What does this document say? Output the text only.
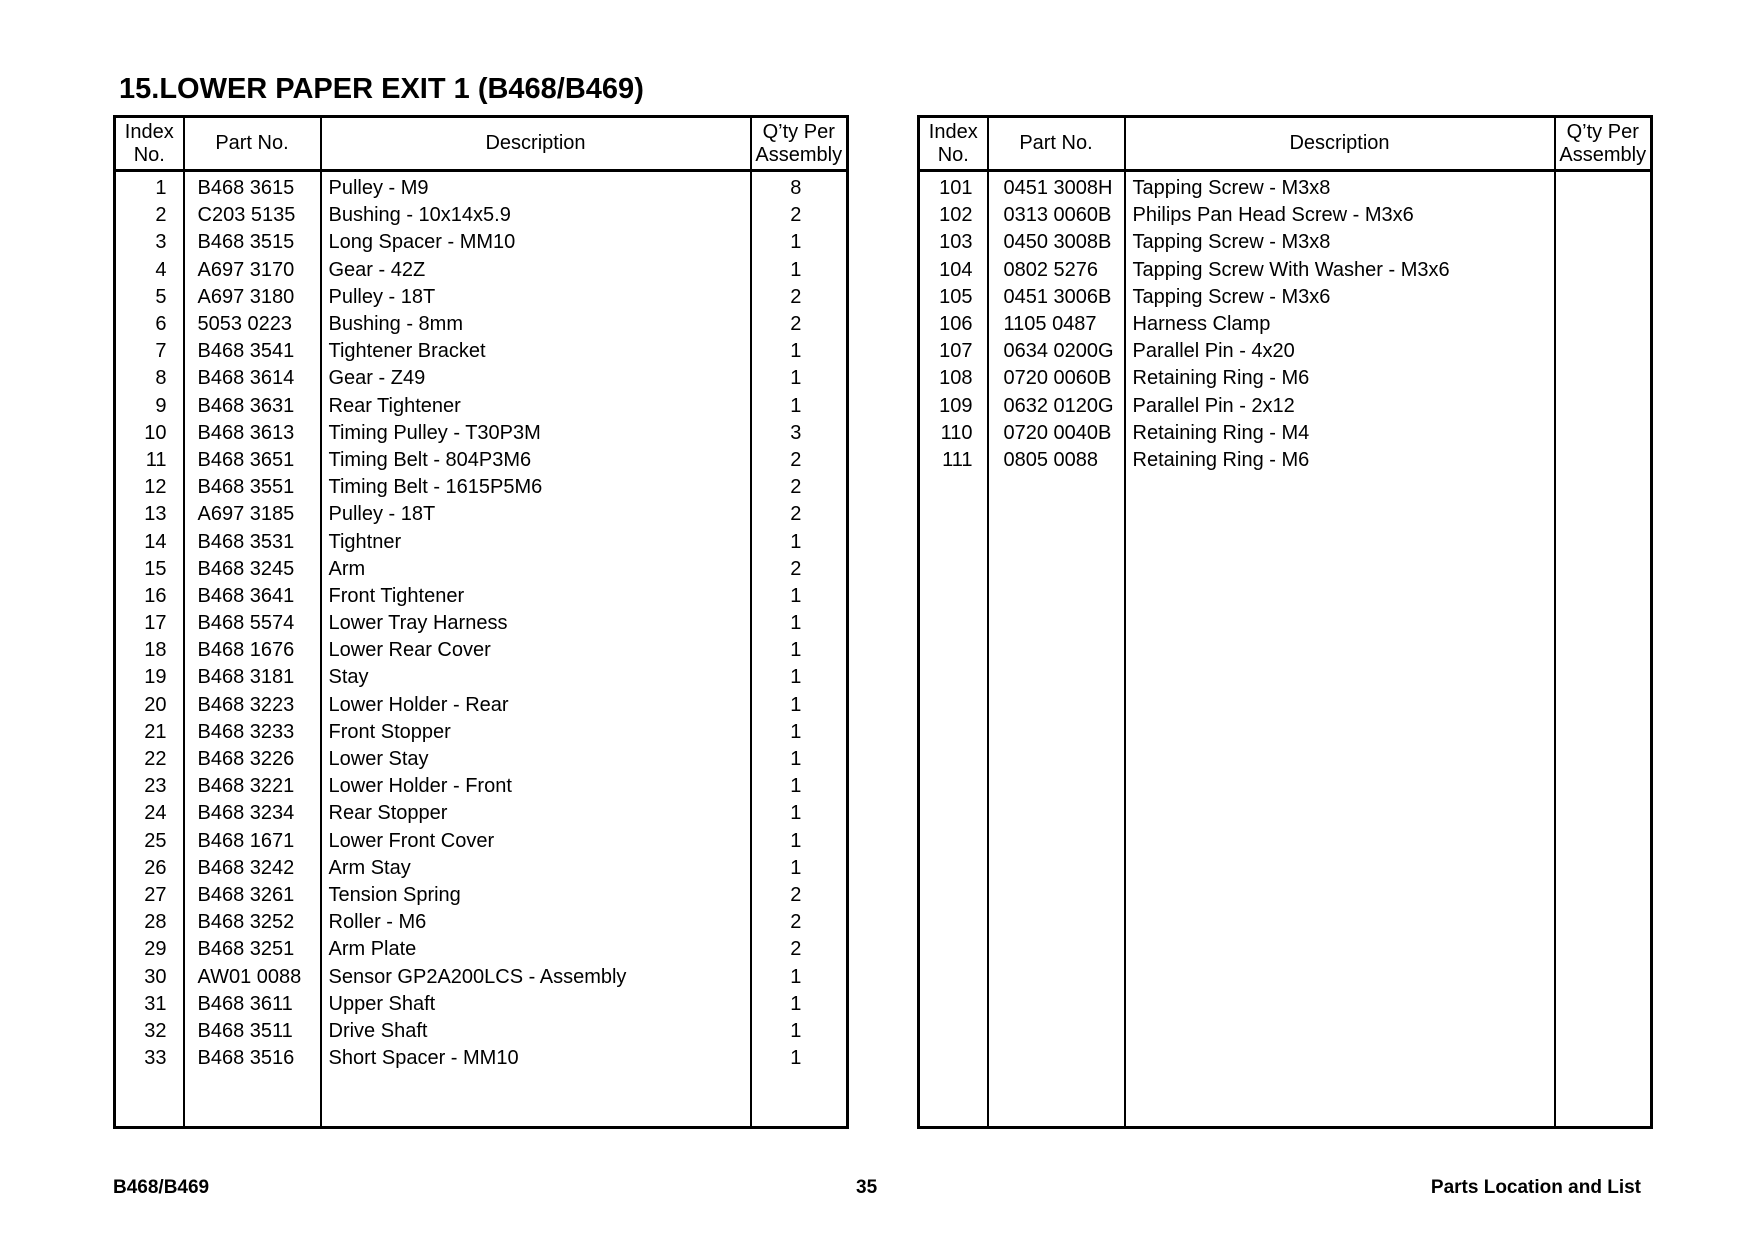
15.LOWER PAPER EXIT 1 (B468/B469)
Index
No.	Part No.	Description	Q’ty Per
Assembly
1	B468 3615	Pulley - M9	8
2	C203 5135	Bushing - 10x14x5.9	2
3	B468 3515	Long Spacer - MM10	1
4	A697 3170	Gear - 42Z	1
5	A697 3180	Pulley - 18T	2
6	5053 0223	Bushing - 8mm	2
7	B468 3541	Tightener Bracket	1
8	B468 3614	Gear - Z49	1
9	B468 3631	Rear Tightener	1
10	B468 3613	Timing Pulley - T30P3M	3
11	B468 3651	Timing Belt - 804P3M6	2
12	B468 3551	Timing Belt - 1615P5M6	2
13	A697 3185	Pulley - 18T	2
14	B468 3531	Tightner	1
15	B468 3245	Arm	2
16	B468 3641	Front Tightener	1
17	B468 5574	Lower Tray Harness	1
18	B468 1676	Lower Rear Cover	1
19	B468 3181	Stay	1
20	B468 3223	Lower Holder - Rear	1
21	B468 3233	Front Stopper	1
22	B468 3226	Lower Stay	1
23	B468 3221	Lower Holder - Front	1
24	B468 3234	Rear Stopper	1
25	B468 1671	Lower Front Cover	1
26	B468 3242	Arm Stay	1
27	B468 3261	Tension Spring	2
28	B468 3252	Roller - M6	2
29	B468 3251	Arm Plate	2
30	AW01 0088	Sensor GP2A200LCS - Assembly	1
31	B468 3611	Upper Shaft	1
32	B468 3511	Drive Shaft	1
33	B468 3516	Short Spacer - MM10	1

Index
No.	Part No.	Description	Q’ty Per
Assembly
101	0451 3008H	Tapping Screw - M3x8	
102	0313 0060B	Philips Pan Head Screw - M3x6	
103	0450 3008B	Tapping Screw - M3x8	
104	0802 5276	Tapping Screw With Washer - M3x6	
105	0451 3006B	Tapping Screw - M3x6	
106	1105 0487	Harness Clamp	
107	0634 0200G	Parallel Pin - 4x20	
108	0720 0060B	Retaining Ring - M6	
109	0632 0120G	Parallel Pin - 2x12	
110	0720 0040B	Retaining Ring - M4	
111	0805 0088	Retaining Ring - M6	

B468/B469	35	Parts Location and List
